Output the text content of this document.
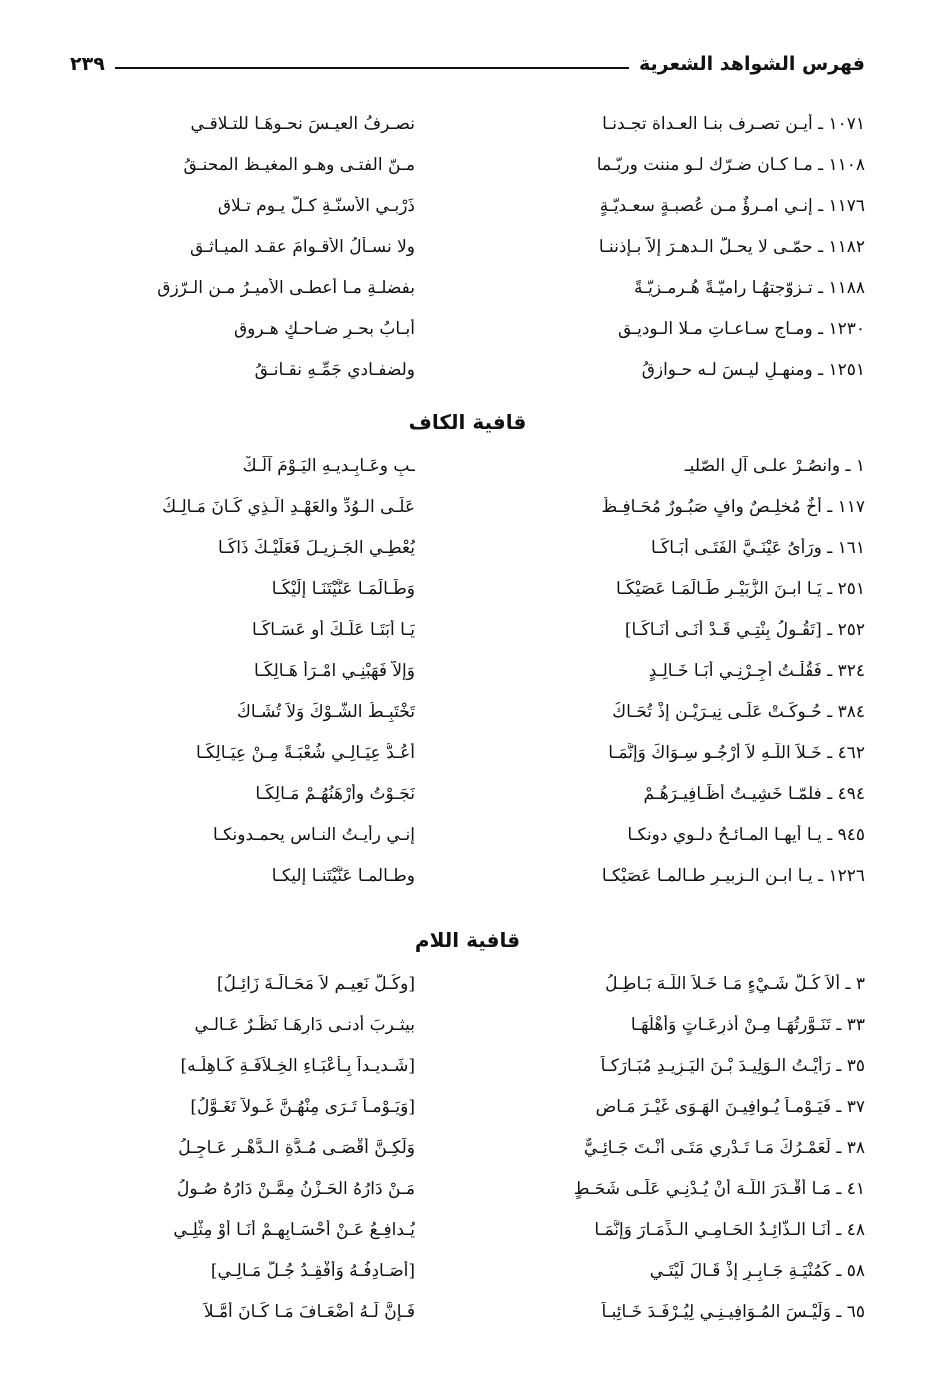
فهرس الشواهد الشعرية
٢٣٩
١٠٧١ ـ أيـن تصـرف بنـا العـداة تجـدنـا
نصـرفُ العيـسَ نحـوهَـا للتـلاقـي
١١٠٨ ـ مـا كـان ضـرّك لـو مننت وربّـما
مـنّ الفتـى وهـو المغيـظ المحنـقُ
١١٧٦ ـ إنـي امـرؤٌ مـن عُصبـةٍ سعـديّـةٍ
ذَرْبـي الأسنّـةِ كـلّ يـوم تـلاقِ
١١٨٢ ـ حمّـى لا يحـلُّ الـدهـرَ إلاّ بـإذننـا
ولا نسـألُ الأقـوامَ عقـد الميـاثـقِ
١١٨٨ ـ تـزوّجتهُـا راميّـةً هُـرمـزيّـةً
بفضلـةِ مـا أعطـى الأميـرُ مـن الـرّزقِ
١٢٣٠ ـ ومـاج سـاعـاتِ مـلا الـوديـقِ
أُبـابُ بحـرٍ ضـاحـكٍ هـروقِ
١٢٥١ ـ ومنهـلٍ ليـسَ لـه حـوازقُ
ولضفـادي جَمِّـهِ نقـانـقُ
قافية الكاف
١ ـ وانصُـرْ علـى آلِ الصّليـ
ـبِ وعَـابِـديـهِ اليَـوْمَ آلَـكْ
١١٧ ـ أخٌ مُخلِـصٌ وافٍ صَبُـورٌ مُحَـافِـظٌ
عَلَـى الـوُدِّ والعَهْـدِ الّـذِي كَـانَ مَـالِـكُ
١٦١ ـ ورَأىُ عَيْنَـيَّ الفَتَـى أَبَـاكَـا
يُعْطِـي الجَـزِيـلَ فَعَلَيْـكَ ذَاكَـا
٢٥١ ـ يَـا ابـنَ الزُّبَيْـرِ طَـالَمَـا عَصَيْكَـا
وَطَـالَمَـا عَنَّيْتَنَـا إِلَيْكَـا
٢٥٢ ـ [تَقُـولُ بِنْتِـي قَـدْ أَنَـى أَنَـاكَـا]
يَـا أَبَتَـا عَلَّـكَ أَو عَسَـاكَـا
٣٢٤ ـ فَقُلْـتُ أَجِـرْنِـي أَبَـا خَـالِـدٍ
وَإِلاَّ فَهَبْنِـي امْـرَأً هَـالِكَـا
٣٨٤ ـ حُـوكَـتْ عَلَـى نِيـرَيْـنِ إِذْ تُحَـاكُ
تَخْتَبِـطُ الشَّـوْكَ وَلاَ تُشَـاكُ
٤٦٢ ـ خَـلاَ اللَّـهِ لاَ أَرْجُـو سِـوَاكَ وَإِنَّمَـا
أَعُـدُّ عِيَـالِـي شُعْبَـةً مِـنْ عِيَـالِكَـا
٤٩٤ ـ فلمّـا خَشِيـتُ أظَـافِيـرَهُـمْ
نَجَـوْتُ وأَرْهَنُهُـمْ مَـالِكَـا
٩٤٥ ـ يـا أيهـا المـائـحُ دلـوي دونكـا
إنـي رأيـتُ النـاس يحمـدونكـا
١٢٢٦ ـ يـا ابـن الـزبيـرِ طـالمـا عَصَيْكـا
وطـالمـا عَنَّيْتَنـا إليكـا
قافية اللام
٣ ـ أَلاَ كُـلُّ شَـيْءٍ مَـا خَـلاَ اللَّـهَ بَـاطِـلُ
[وكُـلُّ نَعِيـمٍ لاَ مَحَـالَـةَ زَائِـلُ]
٣٣ ـ تَنَـوَّرتُهَـا مِـنْ أذرِعَـاتٍ وَأهْلُهَـا
بيثـربَ أدنـى دَارِهَـا نَظَـرٌ عَـالـي
٣٥ ـ رَأَيْـتُ الـوَلِيـدَ بْـنَ اليَـزِيـدِ مُبَـارَكـاً
[شَـديـداً بِـأَعْبَـاءِ الخِـلاَفَـةِ كَـاهِلُـه]
٣٧ ـ فَيَـوْمـاً يُـوافِيـنَ الهَـوَى غَيْـرَ مَـاضٍ
[وَيَـوْمـاً تَـرَى مِنْهُـنَّ غَـولاً تَغَـوَّلُ]
٣٨ ـ لَعَمْـرُكَ مَـا تَـدْرِي مَتَـى أنْـتَ جَـائِـيٌّ
وَلَكِـنَّ أَقْصَـى مُـدَّةِ الـدَّهْـرِ عَـاجِـلُ
٤١ ـ مَـا أَقْـدَرَ اللَّـهَ أنْ يُـدْنِـي عَلَـى شَحَـطٍ
مَـنْ دَارُهُ الحَـزْنُ مِمَّـنْ دَارُهُ صُـولُ
٤٨ ـ أَنَـا الـذَّائِـدُ الحَـامِـي الـذِّمَـارَ وَإِنَّمَـا
يُـدافِـعُ عَـنْ أَحْسَـابِهِـمْ أَنَـا أَوْ مِثْلِـي
٥٨ ـ كَمُنْيَـةِ جَـابِـرٍ إذْ قَـالَ لَيْتَـي
[أُصَـادِفُـهُ وَأَفْقِـدُ جُـلَّ مَـالِـي]
٦٥ ـ وَلَيْـسَ المُـوَافِيـنِـي لِيُـرْفَـدَ خَـائِبـاً
فَـإِنَّ لَـهُ أَضْعَـافَ مَـا كَـانَ أَمَّـلاَ
